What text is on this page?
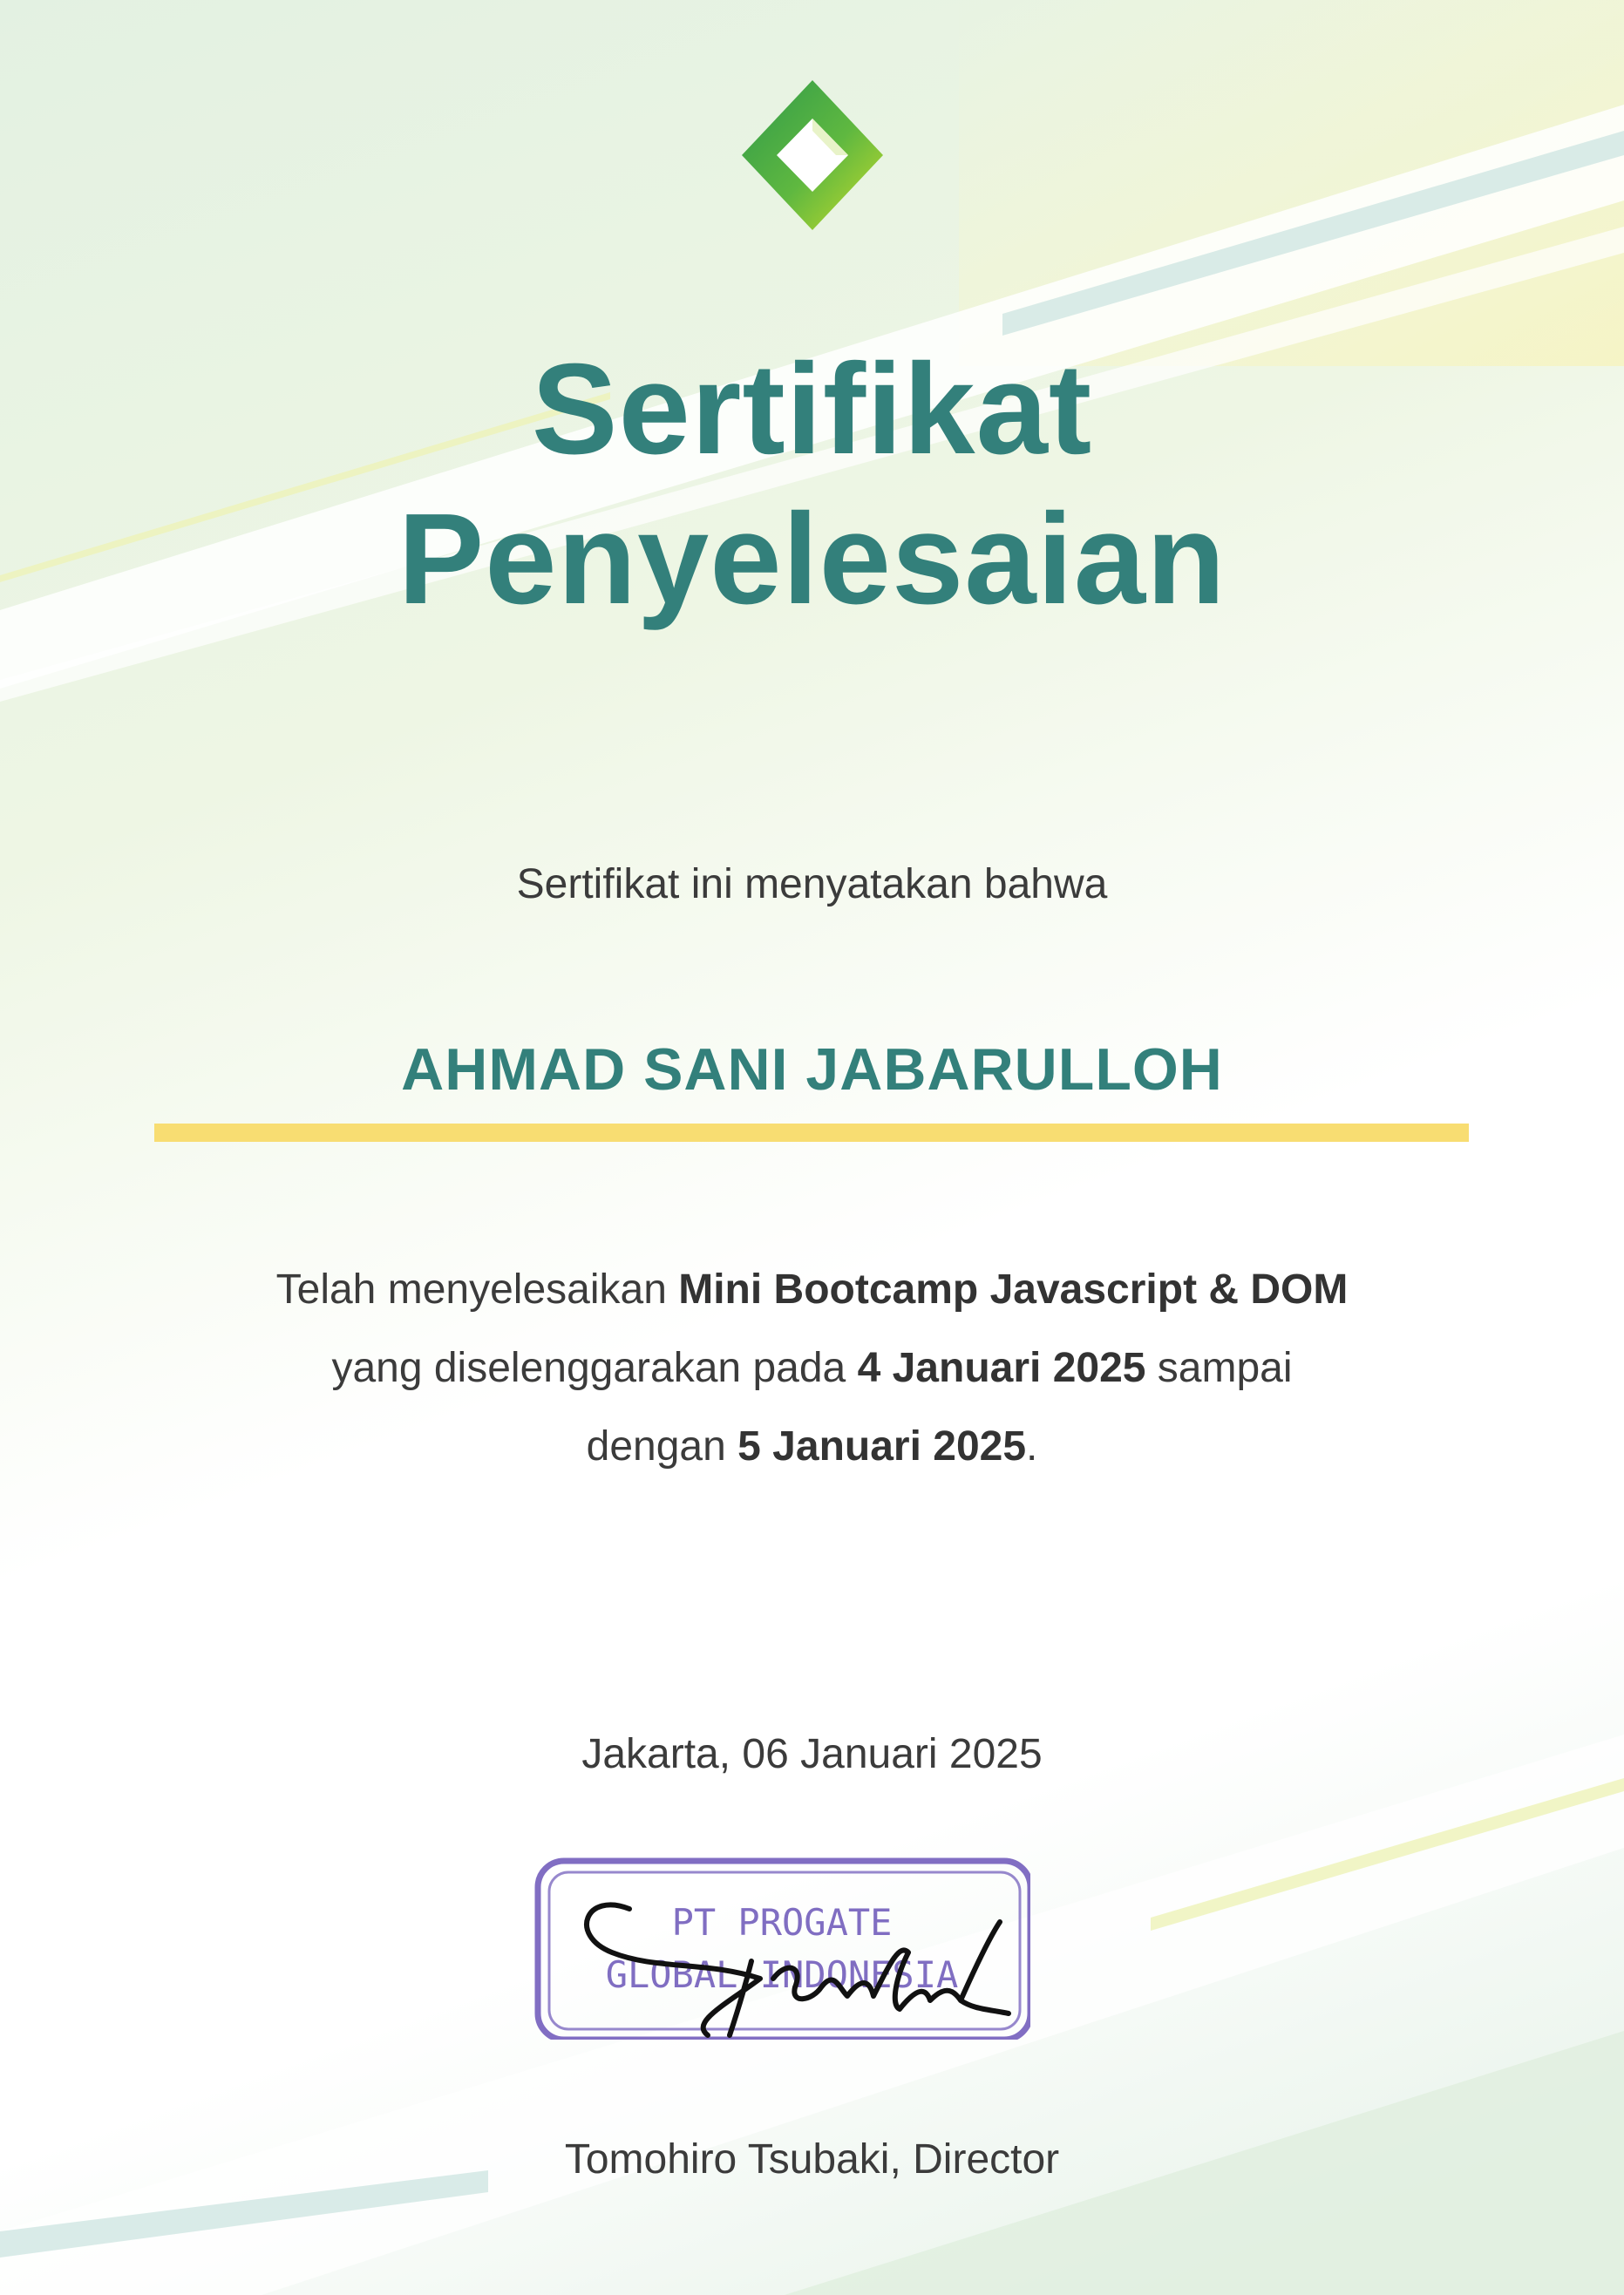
Sertifikat
Penyelesaian

Sertifikat ini menyatakan bahwa

AHMAD SANI JABARULLOH

Telah menyelesaikan Mini Bootcamp Javascript & DOM

yang diselenggarakan pada 4 Januari 2025 sampai

dengan 5 Januari 2025.

Jakarta, 06 Januari 2025

PT PROGATE
GLOBAL INDONESIA

Tomohiro Tsubaki, Director
